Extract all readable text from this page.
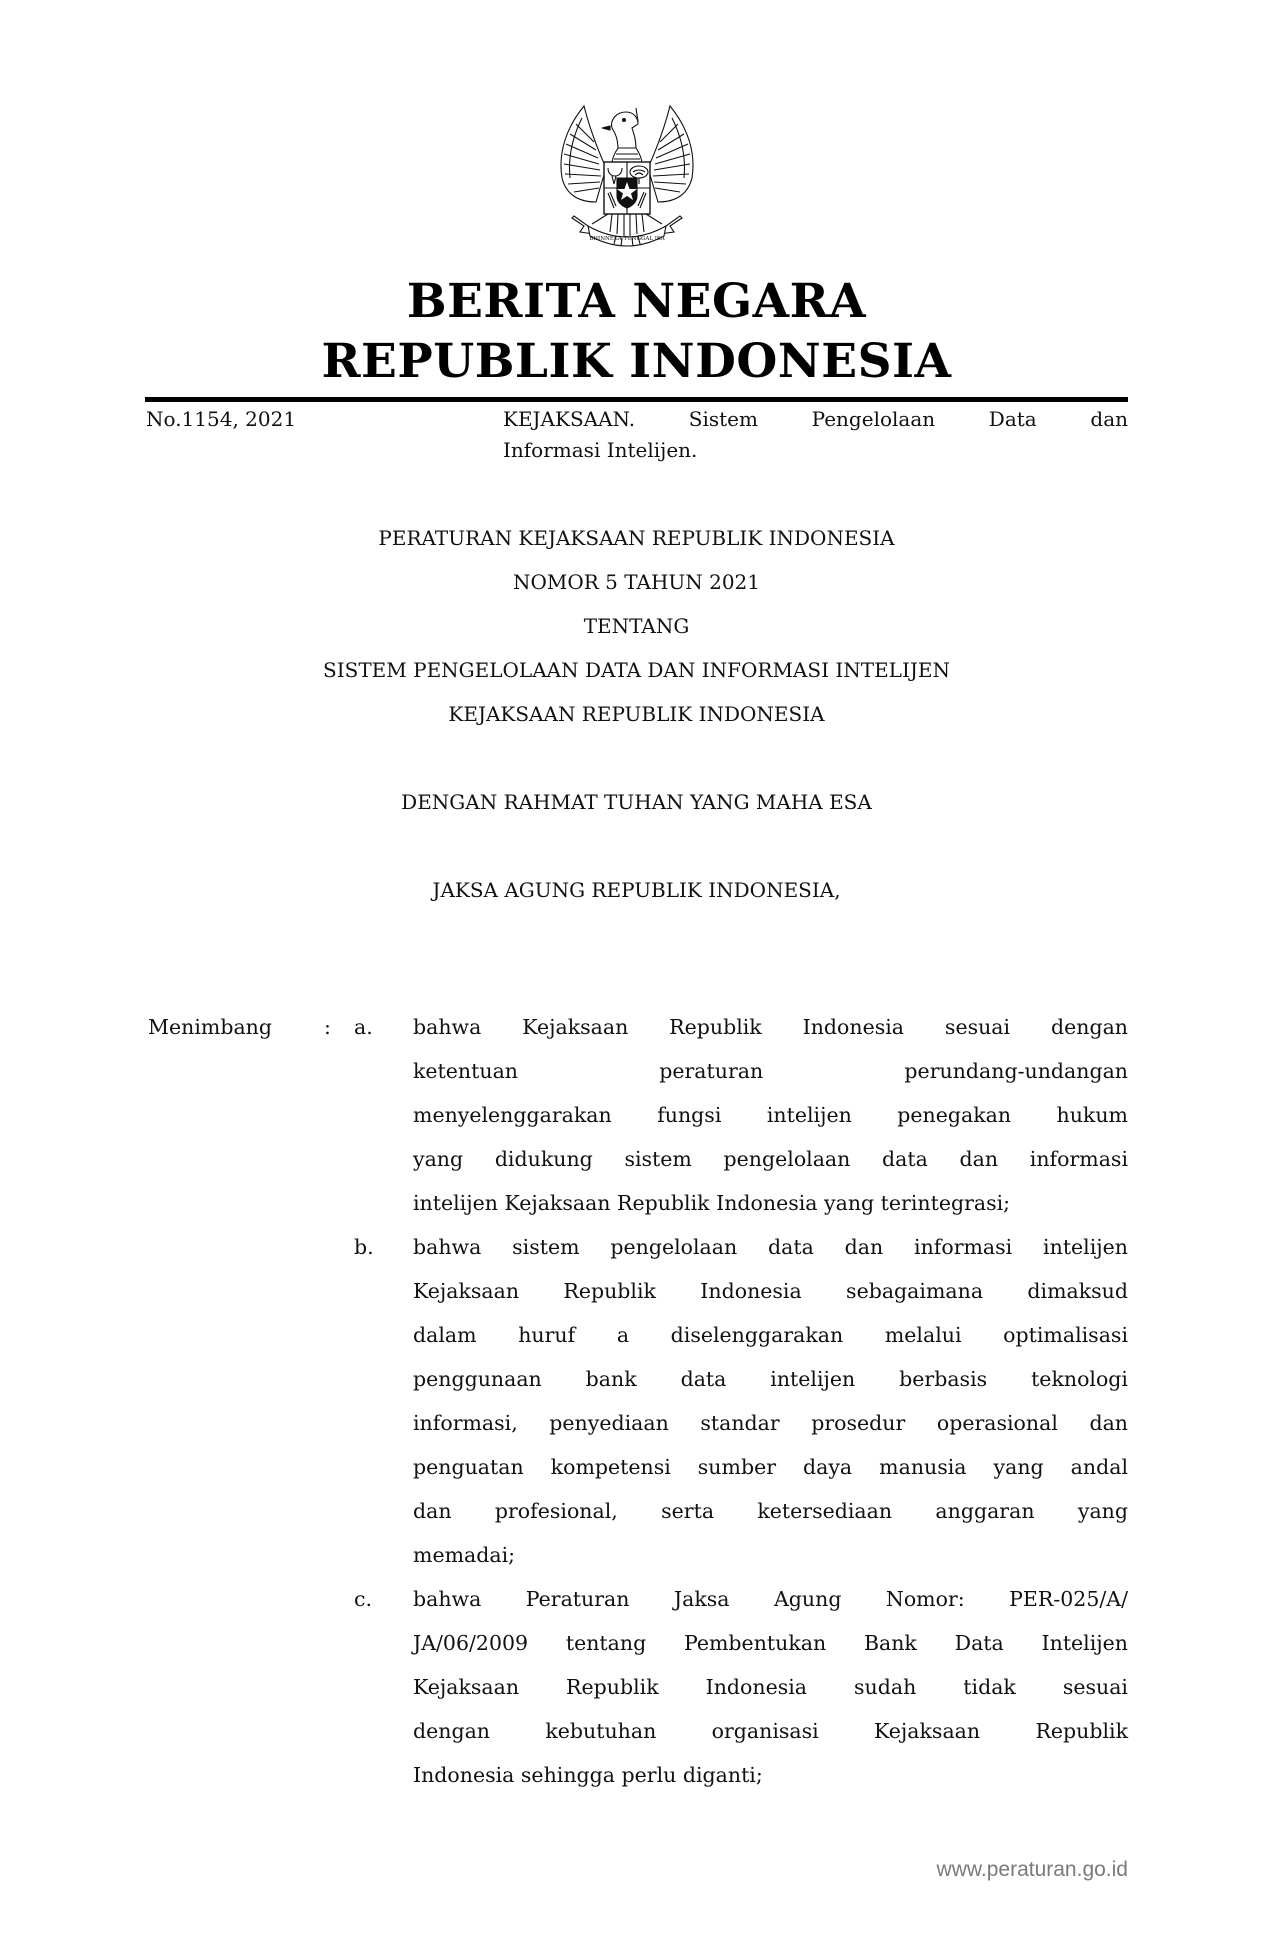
BHINNEKA TUNGGAL IKA
BERITA NEGARA
REPUBLIK INDONESIA
No.1154, 2021	KEJAKSAAN. Sistem Pengelolaan Data dan
Informasi Intelijen.
PERATURAN KEJAKSAAN REPUBLIK INDONESIA
NOMOR 5 TAHUN 2021
TENTANG
SISTEM PENGELOLAAN DATA DAN INFORMASI INTELIJEN
KEJAKSAAN REPUBLIK INDONESIA
DENGAN RAHMAT TUHAN YANG MAHA ESA
JAKSA AGUNG REPUBLIK INDONESIA,
Menimbang	: a. bahwa Kejaksaan Republik Indonesia sesuai dengan
ketentuan peraturan perundang-undangan
menyelenggarakan fungsi intelijen penegakan hukum
yang didukung sistem pengelolaan data dan informasi
intelijen Kejaksaan Republik Indonesia yang terintegrasi;
b. bahwa sistem pengelolaan data dan informasi intelijen
Kejaksaan Republik Indonesia sebagaimana dimaksud
dalam huruf a diselenggarakan melalui optimalisasi
penggunaan bank data intelijen berbasis teknologi
informasi, penyediaan standar prosedur operasional dan
penguatan kompetensi sumber daya manusia yang andal
dan profesional, serta ketersediaan anggaran yang
memadai;
c. bahwa Peraturan Jaksa Agung Nomor: PER-025/A/
JA/06/2009 tentang Pembentukan Bank Data Intelijen
Kejaksaan Republik Indonesia sudah tidak sesuai
dengan kebutuhan organisasi Kejaksaan Republik
Indonesia sehingga perlu diganti;
www.peraturan.go.id
